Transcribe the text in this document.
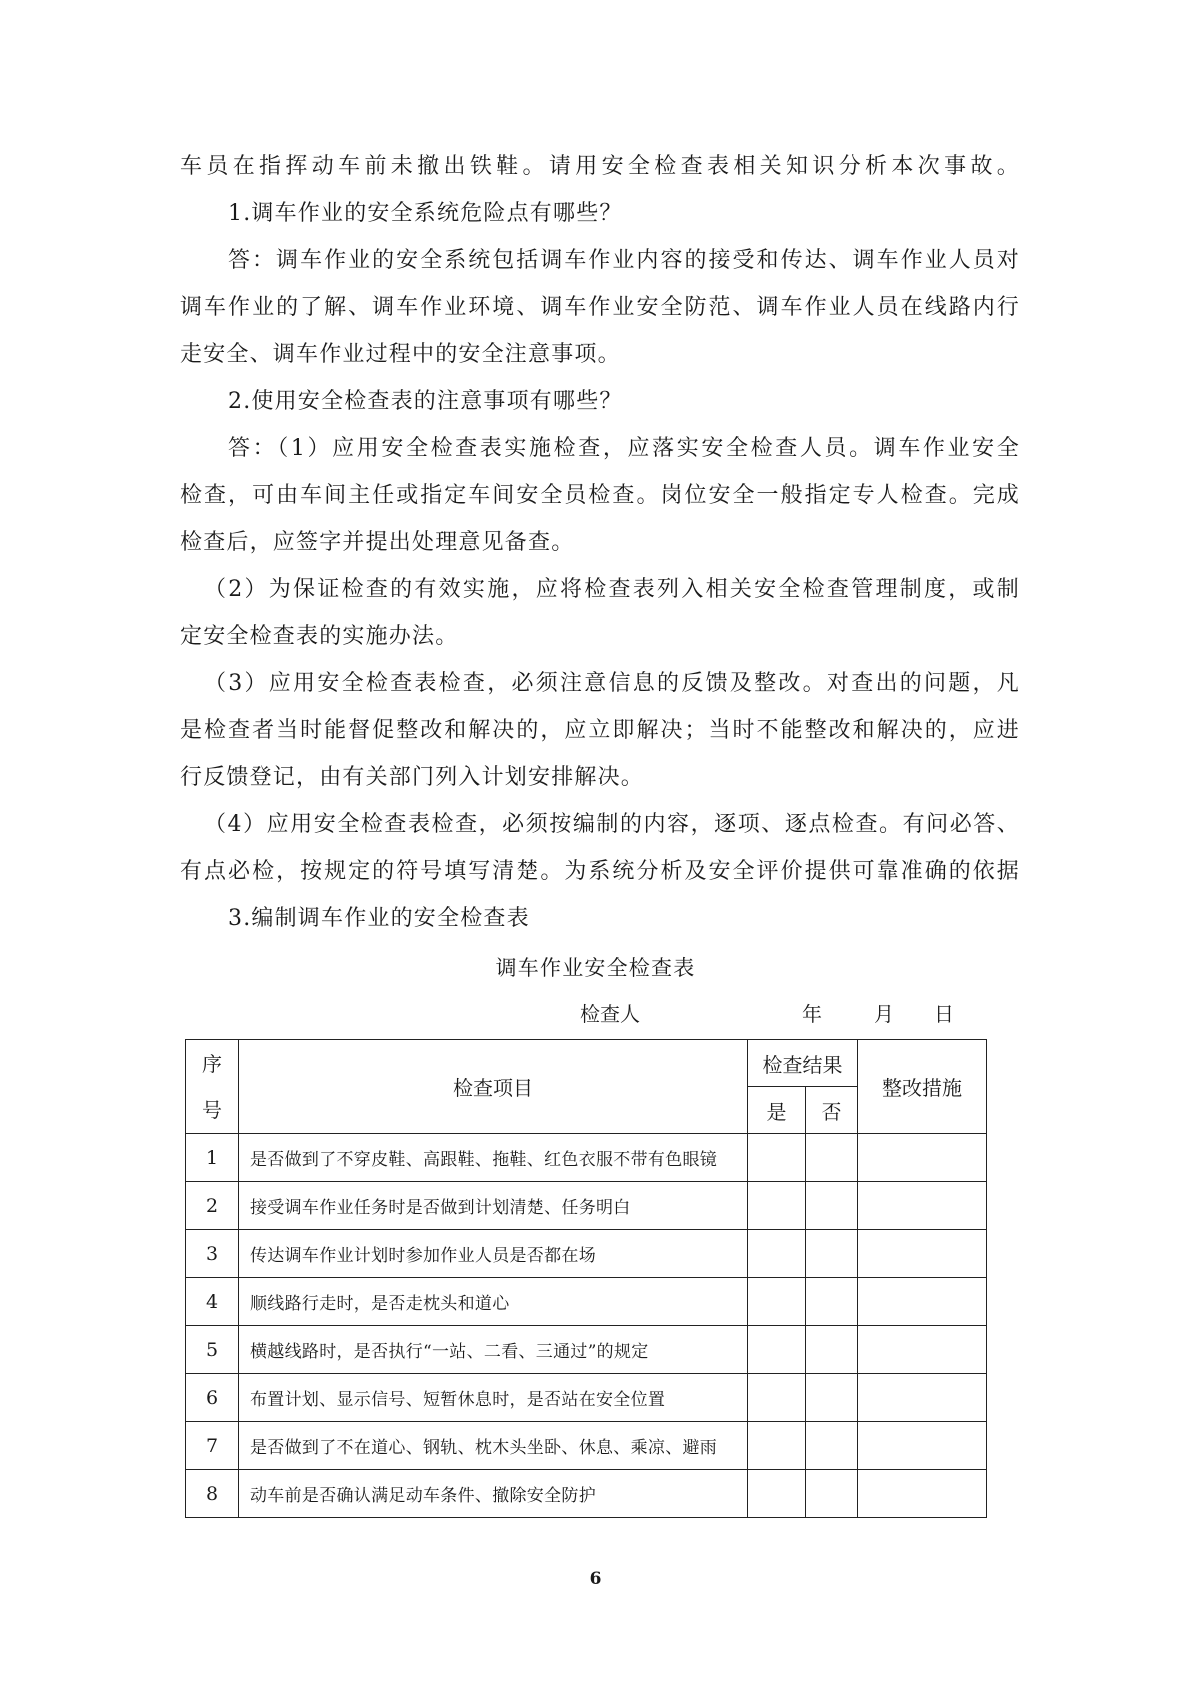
车员在指挥动车前未撤出铁鞋。请用安全检查表相关知识分析本次事故。
1.调车作业的安全系统危险点有哪些？
答：调车作业的安全系统包括调车作业内容的接受和传达、调车作业人员对
调车作业的了解、调车作业环境、调车作业安全防范、调车作业人员在线路内行
走安全、调车作业过程中的安全注意事项。
2.使用安全检查表的注意事项有哪些？
答：（1）应用安全检查表实施检查，应落实安全检查人员。调车作业安全
检查，可由车间主任或指定车间安全员检查。岗位安全一般指定专人检查。完成
检查后，应签字并提出处理意见备查。
（2）为保证检查的有效实施，应将检查表列入相关安全检查管理制度，或制
定安全检查表的实施办法。
（3）应用安全检查表检查，必须注意信息的反馈及整改。对查出的问题，凡
是检查者当时能督促整改和解决的，应立即解决；当时不能整改和解决的，应进
行反馈登记，由有关部门列入计划安排解决。
（4）应用安全检查表检查，必须按编制的内容，逐项、逐点检查。有问必答、
有点必检，按规定的符号填写清楚。为系统分析及安全评价提供可靠准确的依据
3.编制调车作业的安全检查表
调车作业安全检查表
检查人	年	月 日
序
号	检查项目	检查结果		整改措施
		是	否	
1	是否做到了不穿皮鞋、高跟鞋、拖鞋、红色衣服不带有色眼镜			
2	接受调车作业任务时是否做到计划清楚、任务明白			
3	传达调车作业计划时参加作业人员是否都在场			
4	顺线路行走时，是否走枕头和道心			
5	横越线路时，是否执行“一站、二看、三通过”的规定			
6	布置计划、显示信号、短暂休息时，是否站在安全位置			
7	是否做到了不在道心、钢轨、枕木头坐卧、休息、乘凉、避雨			
8	动车前是否确认满足动车条件、撤除安全防护			
6
